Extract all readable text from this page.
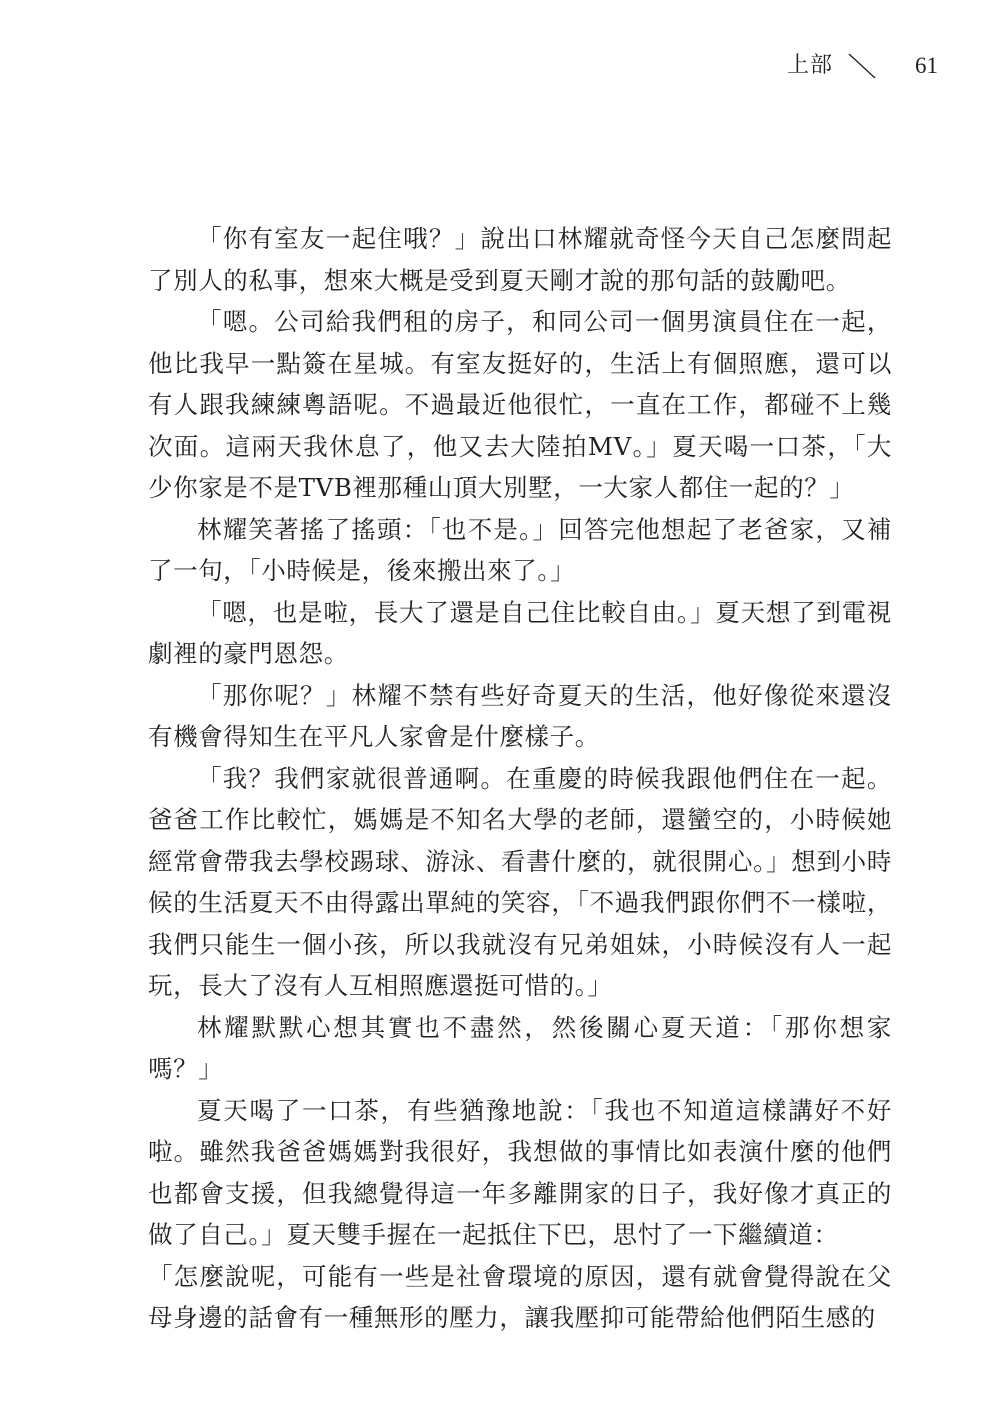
上部	61

「你有室友一起住哦？」說出口林耀就奇怪今天自己怎麼問起了別人的私事，想來大概是受到夏天剛才說的那句話的鼓勵吧。

「嗯。公司給我們租的房子，和同公司一個男演員住在一起，他比我早一點簽在星城。有室友挺好的，生活上有個照應，還可以有人跟我練練粵語呢。不過最近他很忙，一直在工作，都碰不上幾次面。這兩天我休息了，他又去大陸拍MV。」夏天喝一口茶，「大少你家是不是TVB裡那種山頂大別墅，一大家人都住一起的？」

林耀笑著搖了搖頭：「也不是。」回答完他想起了老爸家，又補了一句，「小時候是，後來搬出來了。」

「嗯，也是啦，長大了還是自己住比較自由。」夏天想了到電視劇裡的豪門恩怨。

「那你呢？」林耀不禁有些好奇夏天的生活，他好像從來還沒有機會得知生在平凡人家會是什麼樣子。

「我？我們家就很普通啊。在重慶的時候我跟他們住在一起。爸爸工作比較忙，媽媽是不知名大學的老師，還蠻空的，小時候她經常會帶我去學校踢球、游泳、看書什麼的，就很開心。」想到小時候的生活夏天不由得露出單純的笑容，「不過我們跟你們不一樣啦，我們只能生一個小孩，所以我就沒有兄弟姐妹，小時候沒有人一起玩，長大了沒有人互相照應還挺可惜的。」

林耀默默心想其實也不盡然，然後關心夏天道：「那你想家嗎？」

夏天喝了一口茶，有些猶豫地說：「我也不知道這樣講好不好啦。雖然我爸爸媽媽對我很好，我想做的事情比如表演什麼的他們也都會支援，但我總覺得這一年多離開家的日子，我好像才真正的做了自己。」夏天雙手握在一起抵住下巴，思忖了一下繼續道：

「怎麼說呢，可能有一些是社會環境的原因，還有就會覺得說在父母身邊的話會有一種無形的壓力，讓我壓抑可能帶給他們陌生感的
